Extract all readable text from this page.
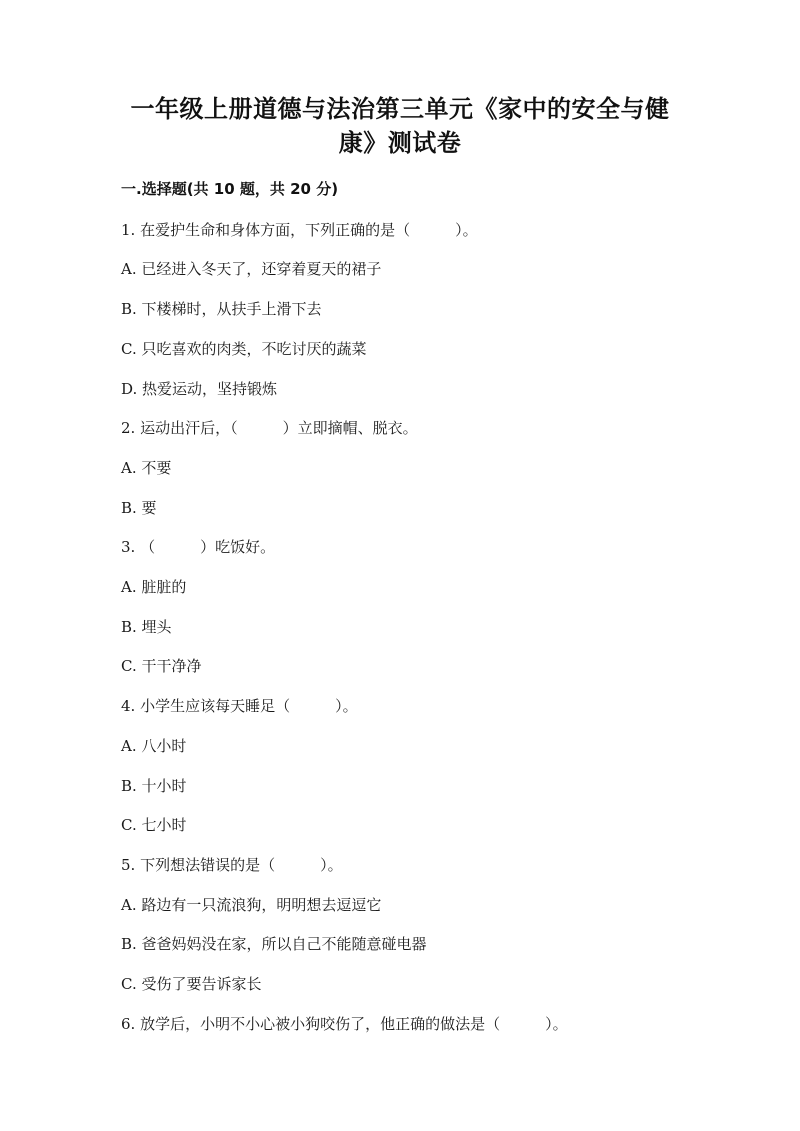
一年级上册道德与法治第三单元《家中的安全与健
康》测试卷
一.选择题(共 10 题，共 20 分)

1. 在爱护生命和身体方面，下列正确的是（　　　）。

A. 已经进入冬天了，还穿着夏天的裙子

B. 下楼梯时，从扶手上滑下去

C. 只吃喜欢的肉类，不吃讨厌的蔬菜

D. 热爱运动，坚持锻炼

2. 运动出汗后，（　　　）立即摘帽、脱衣。

A. 不要

B. 要

3. （　　　）吃饭好。

A. 脏脏的

B. 埋头

C. 干干净净

4. 小学生应该每天睡足（　　　）。

A. 八小时

B. 十小时

C. 七小时

5. 下列想法错误的是（　　　）。

A. 路边有一只流浪狗，明明想去逗逗它

B. 爸爸妈妈没在家，所以自己不能随意碰电器

C. 受伤了要告诉家长

6. 放学后，小明不小心被小狗咬伤了，他正确的做法是（　　　）。
